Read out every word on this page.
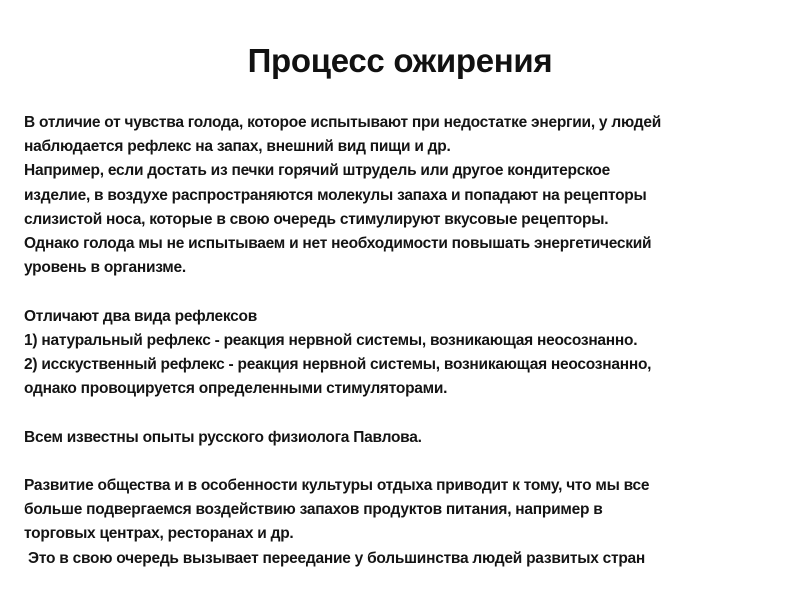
Процесс ожирения
В отличие от чувства голода, которое испытывают при недостатке энергии, у людей
наблюдается рефлекс на запах, внешний вид пищи и др.
Например, если достать из печки горячий штрудель или другое кондитерское
изделие, в воздухе распространяются молекулы запаха и попадают на рецепторы
слизистой носа, которые в свою очередь стимулируют вкусовые рецепторы.
Однако голода мы не испытываем и нет необходимости повышать энергетический
уровень в организме.
Отличают два вида рефлексов
1) натуральный рефлекс - реакция нервной системы, возникающая неосознанно.
2) исскуственный рефлекс - реакция нервной системы, возникающая неосознанно,
однако провоцируется определенными стимуляторами.
Всем известны опыты русского физиолога Павлова.
Развитие общества и в особенности культуры отдыха приводит к тому, что мы все
больше подвергаемся воздействию запахов продуктов питания, например в
торговых центрах, ресторанах и др.
Это в свою очередь вызывает переедание у большинства людей развитых стран
